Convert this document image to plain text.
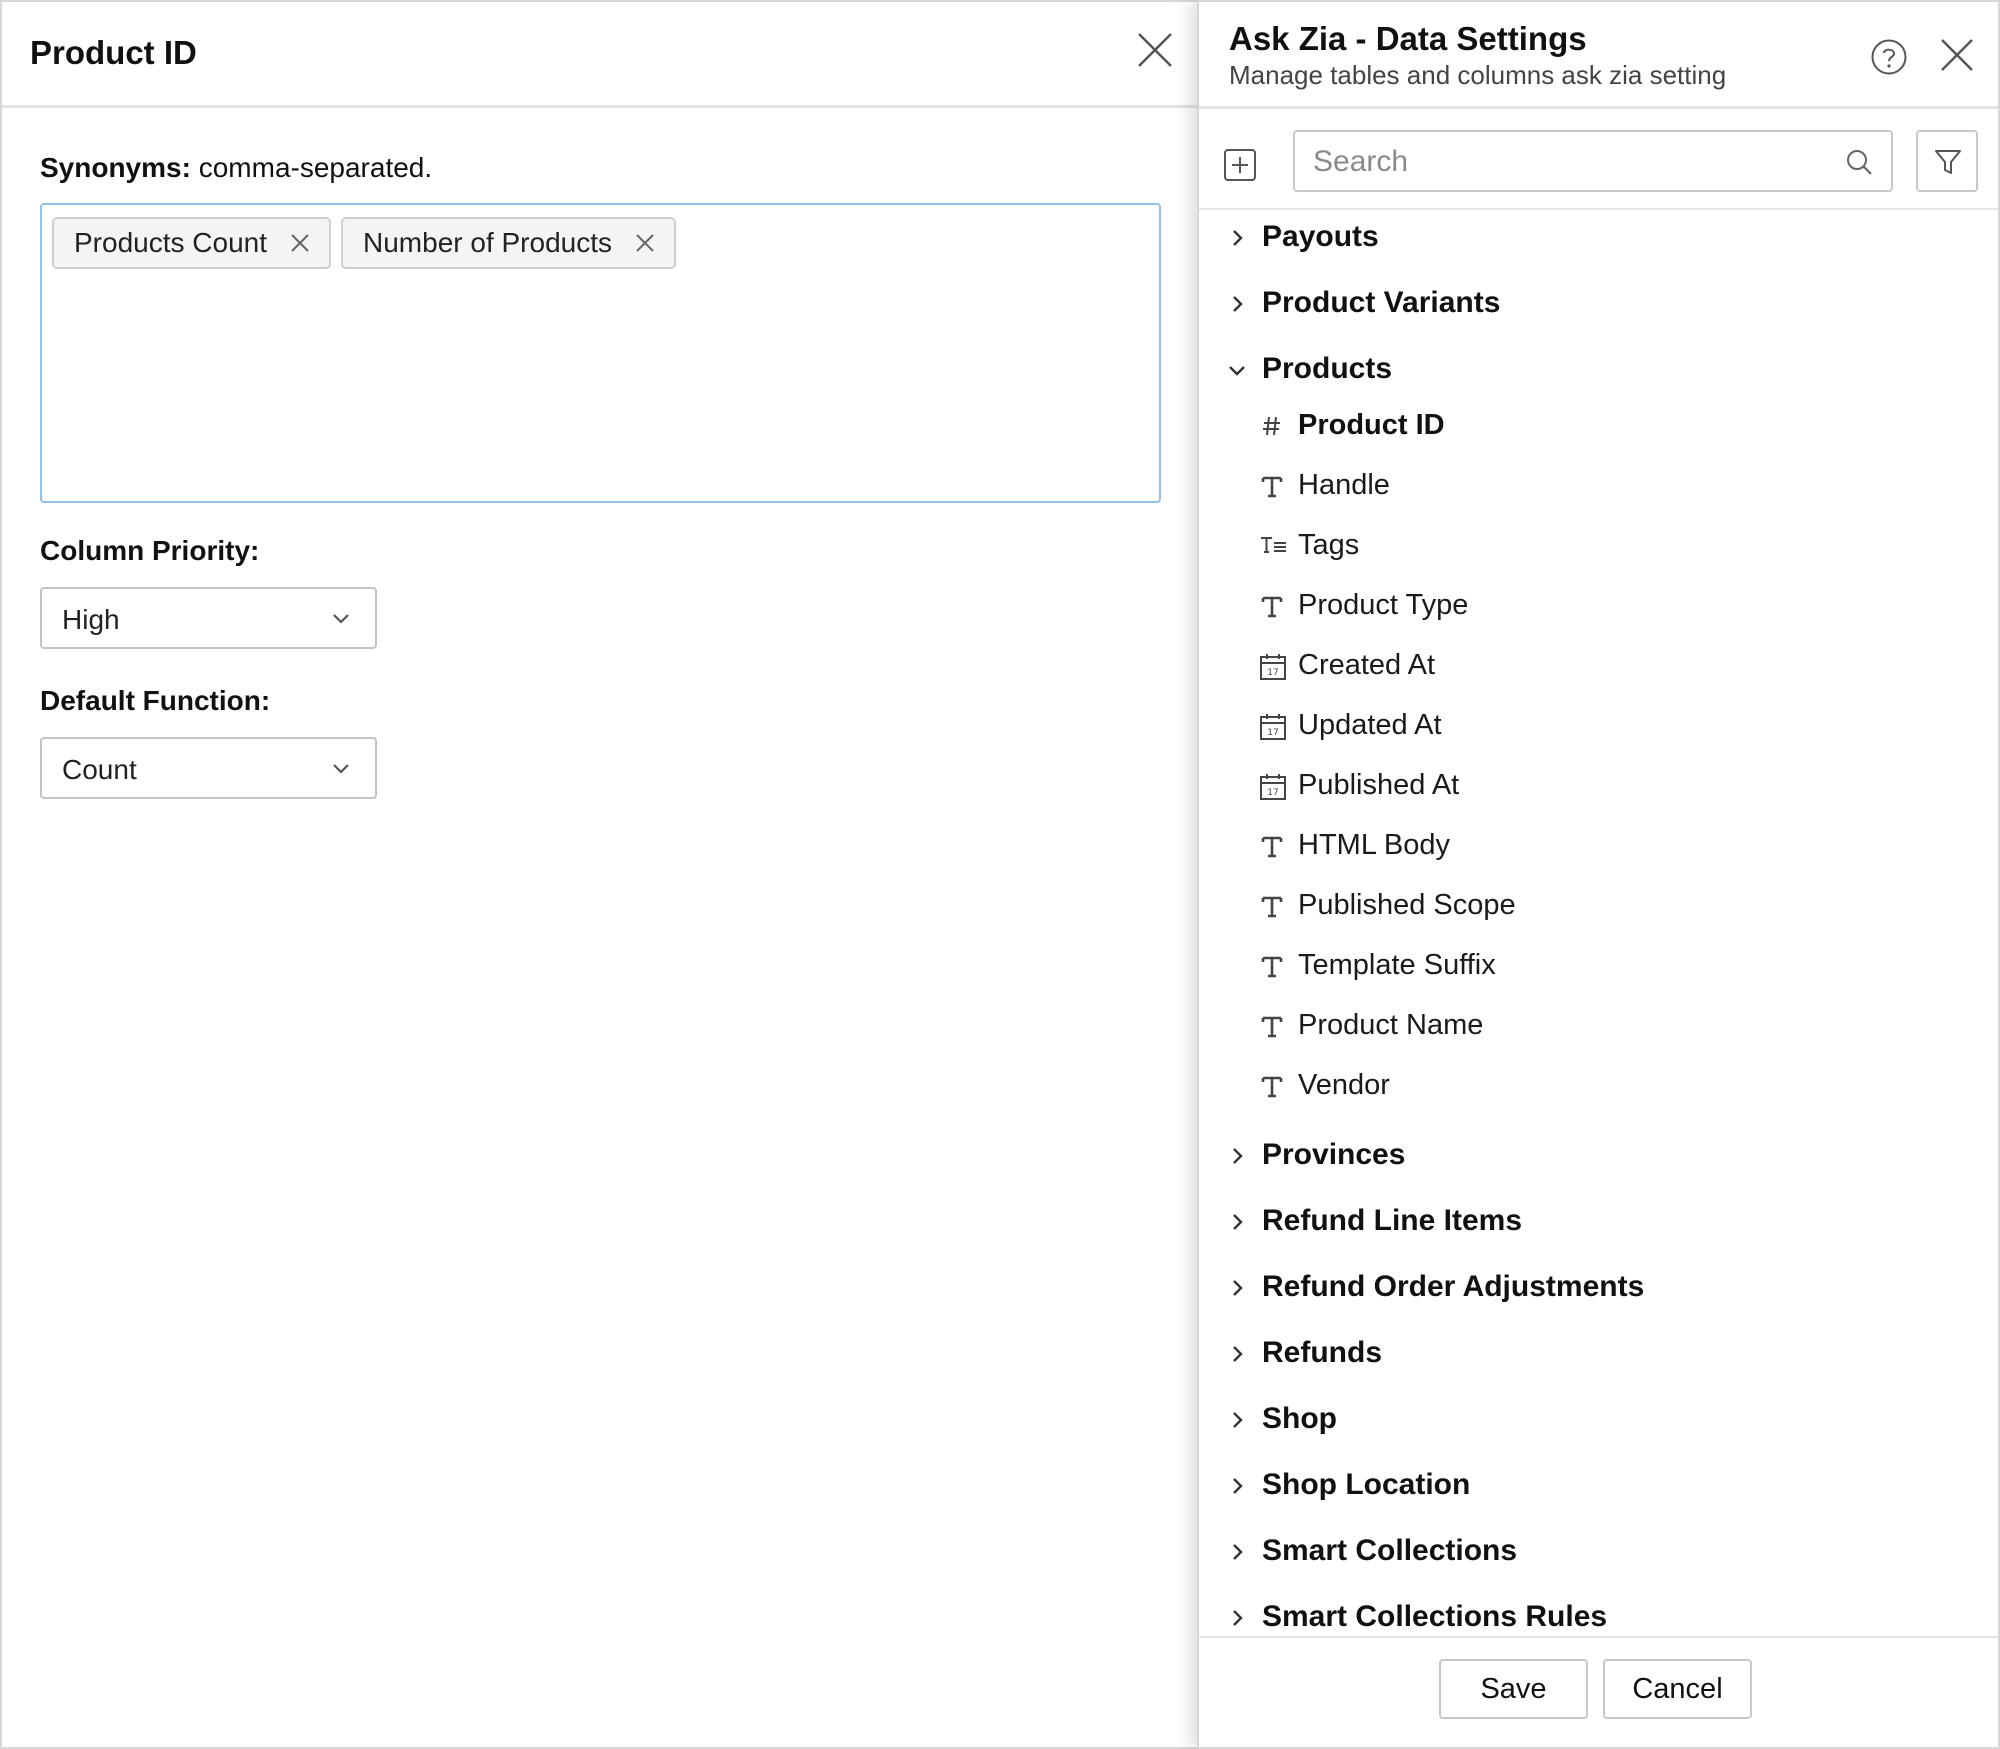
Product ID
Synonyms: comma-separated.
Products Count	Number of Products
Column Priority:
High
Default Function:
Count
Ask Zia - Data Settings
Manage tables and columns ask zia setting
Search
Payouts
Product Variants
Products
Product ID
Handle
Tags
Product Type
17 Created At
17 Updated At
17 Published At
HTML Body
Published Scope
Template Suffix
Product Name
Vendor
Provinces
Refund Line Items
Refund Order Adjustments
Refunds
Shop
Shop Location
Smart Collections
Smart Collections Rules
Save	Cancel
